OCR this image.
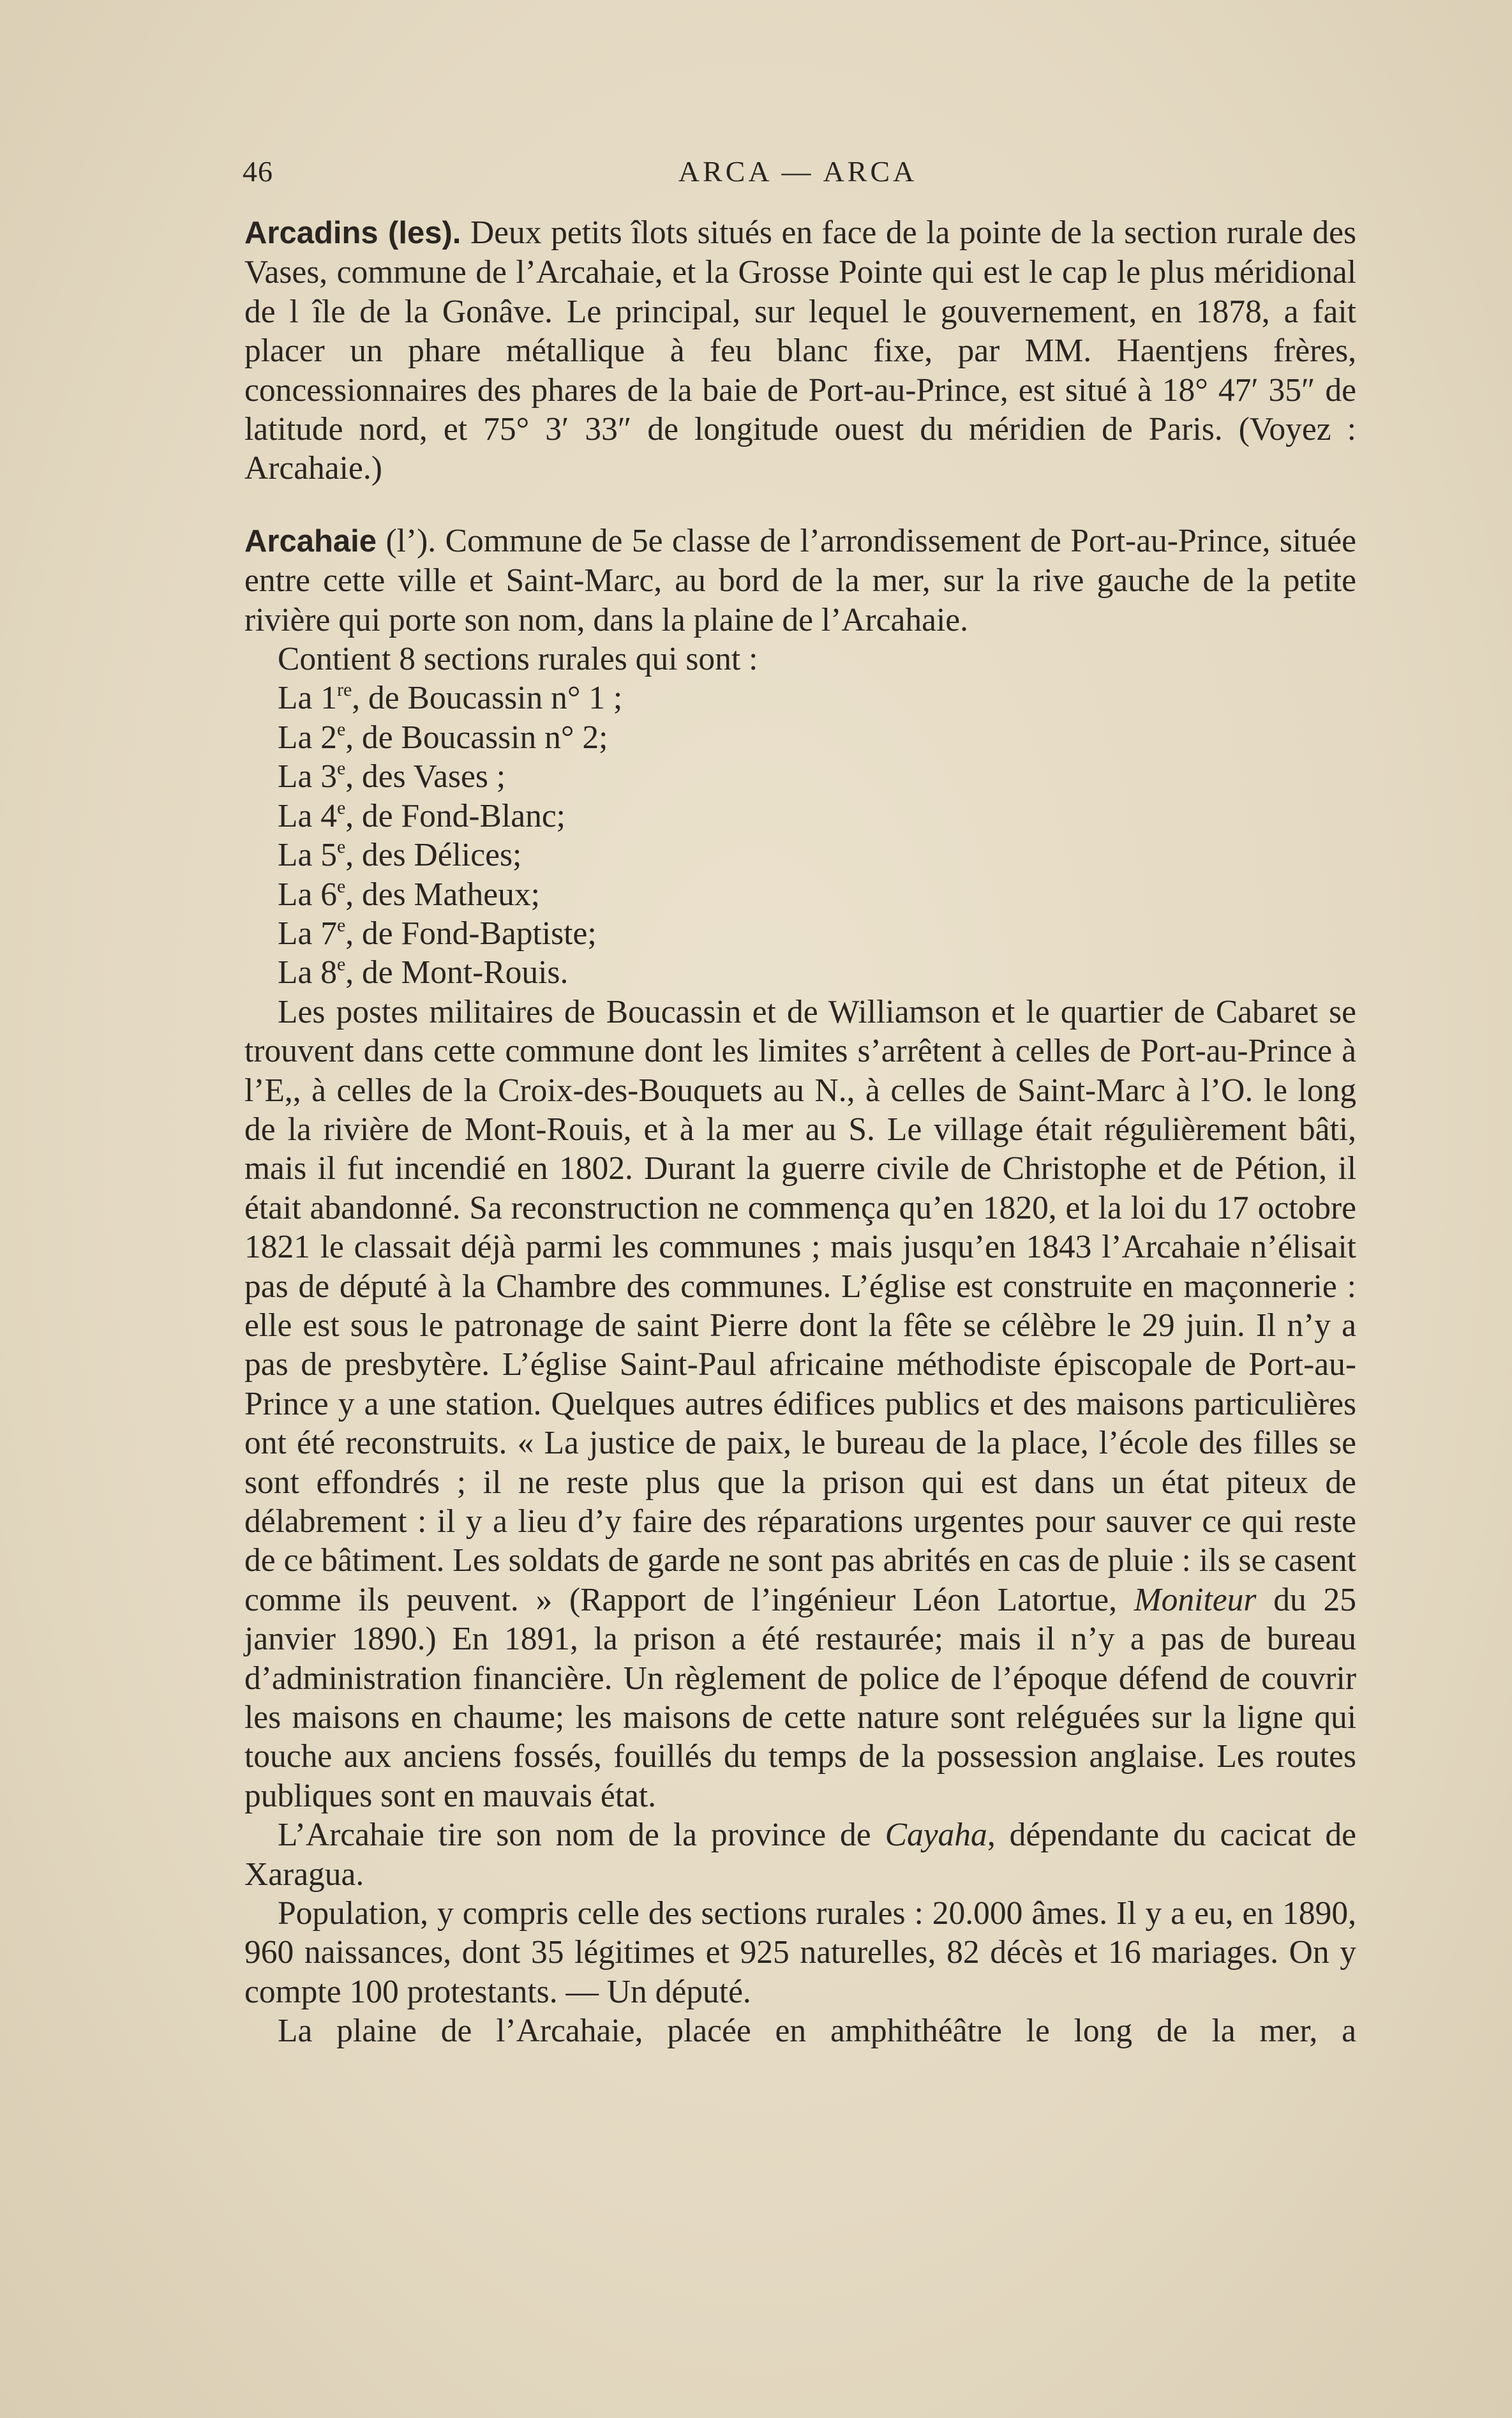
46	ARCA — ARCA

Arcadins (les). Deux petits îlots situés en face de la pointe de la section rurale des Vases, commune de l’Arcahaie, et la Grosse Pointe qui est le cap le plus méridional de l île de la Gonâve. Le principal, sur lequel le gouvernement, en 1878, a fait placer un phare métallique à feu blanc fixe, par MM. Haentjens frères, concessionnaires des phares de la baie de Port-au-Prince, est situé à 18° 47′ 35″ de latitude nord, et 75° 3′ 33″ de longitude ouest du méridien de Paris. (Voyez : Arcahaie.)

Arcahaie (l’). Commune de 5e classe de l’arrondissement de Port-au-Prince, située entre cette ville et Saint-Marc, au bord de la mer, sur la rive gauche de la petite rivière qui porte son nom, dans la plaine de l’Arcahaie.

Contient 8 sections rurales qui sont :

La 1re, de Boucassin n° 1 ;

La 2e, de Boucassin n° 2;

La 3e, des Vases ;

La 4e, de Fond-Blanc;

La 5e, des Délices;

La 6e, des Matheux;

La 7e, de Fond-Baptiste;

La 8e, de Mont-Rouis.

Les postes militaires de Boucassin et de Williamson et le quartier de Cabaret se trouvent dans cette commune dont les limites s’arrêtent à celles de Port-au-Prince à l’E,, à celles de la Croix-des-Bouquets au N., à celles de Saint-Marc à l’O. le long de la rivière de Mont-Rouis, et à la mer au S. Le village était régulièrement bâti, mais il fut incendié en 1802. Durant la guerre civile de Christophe et de Pétion, il était abandonné. Sa reconstruction ne commença qu’en 1820, et la loi du 17 octobre 1821 le classait déjà parmi les communes ; mais jusqu’en 1843 l’Arcahaie n’élisait pas de député à la Chambre des communes. L’église est construite en maçonnerie : elle est sous le patronage de saint Pierre dont la fête se célèbre le 29 juin. Il n’y a pas de presbytère. L’église Saint-Paul africaine méthodiste épiscopale de Port-au-Prince y a une station. Quelques autres édifices publics et des maisons particulières ont été reconstruits. « La justice de paix, le bureau de la place, l’école des filles se sont effondrés ; il ne reste plus que la prison qui est dans un état piteux de délabrement : il y a lieu d’y faire des réparations urgentes pour sauver ce qui reste de ce bâtiment. Les soldats de garde ne sont pas abrités en cas de pluie : ils se casent comme ils peuvent. » (Rapport de l’ingénieur Léon Latortue, Moniteur du 25 janvier 1890.) En 1891, la prison a été restaurée; mais il n’y a pas de bureau d’administration financière. Un règlement de police de l’époque défend de couvrir les maisons en chaume; les maisons de cette nature sont reléguées sur la ligne qui touche aux anciens fossés, fouillés du temps de la possession anglaise. Les routes publiques sont en mauvais état.

L’Arcahaie tire son nom de la province de Cayaha, dépendante du cacicat de Xaragua.

Population, y compris celle des sections rurales : 20.000 âmes. Il y a eu, en 1890, 960 naissances, dont 35 légitimes et 925 naturelles, 82 décès et 16 mariages. On y compte 100 protestants. — Un député.

La plaine de l’Arcahaie, placée en amphithéâtre le long de la mer, a
